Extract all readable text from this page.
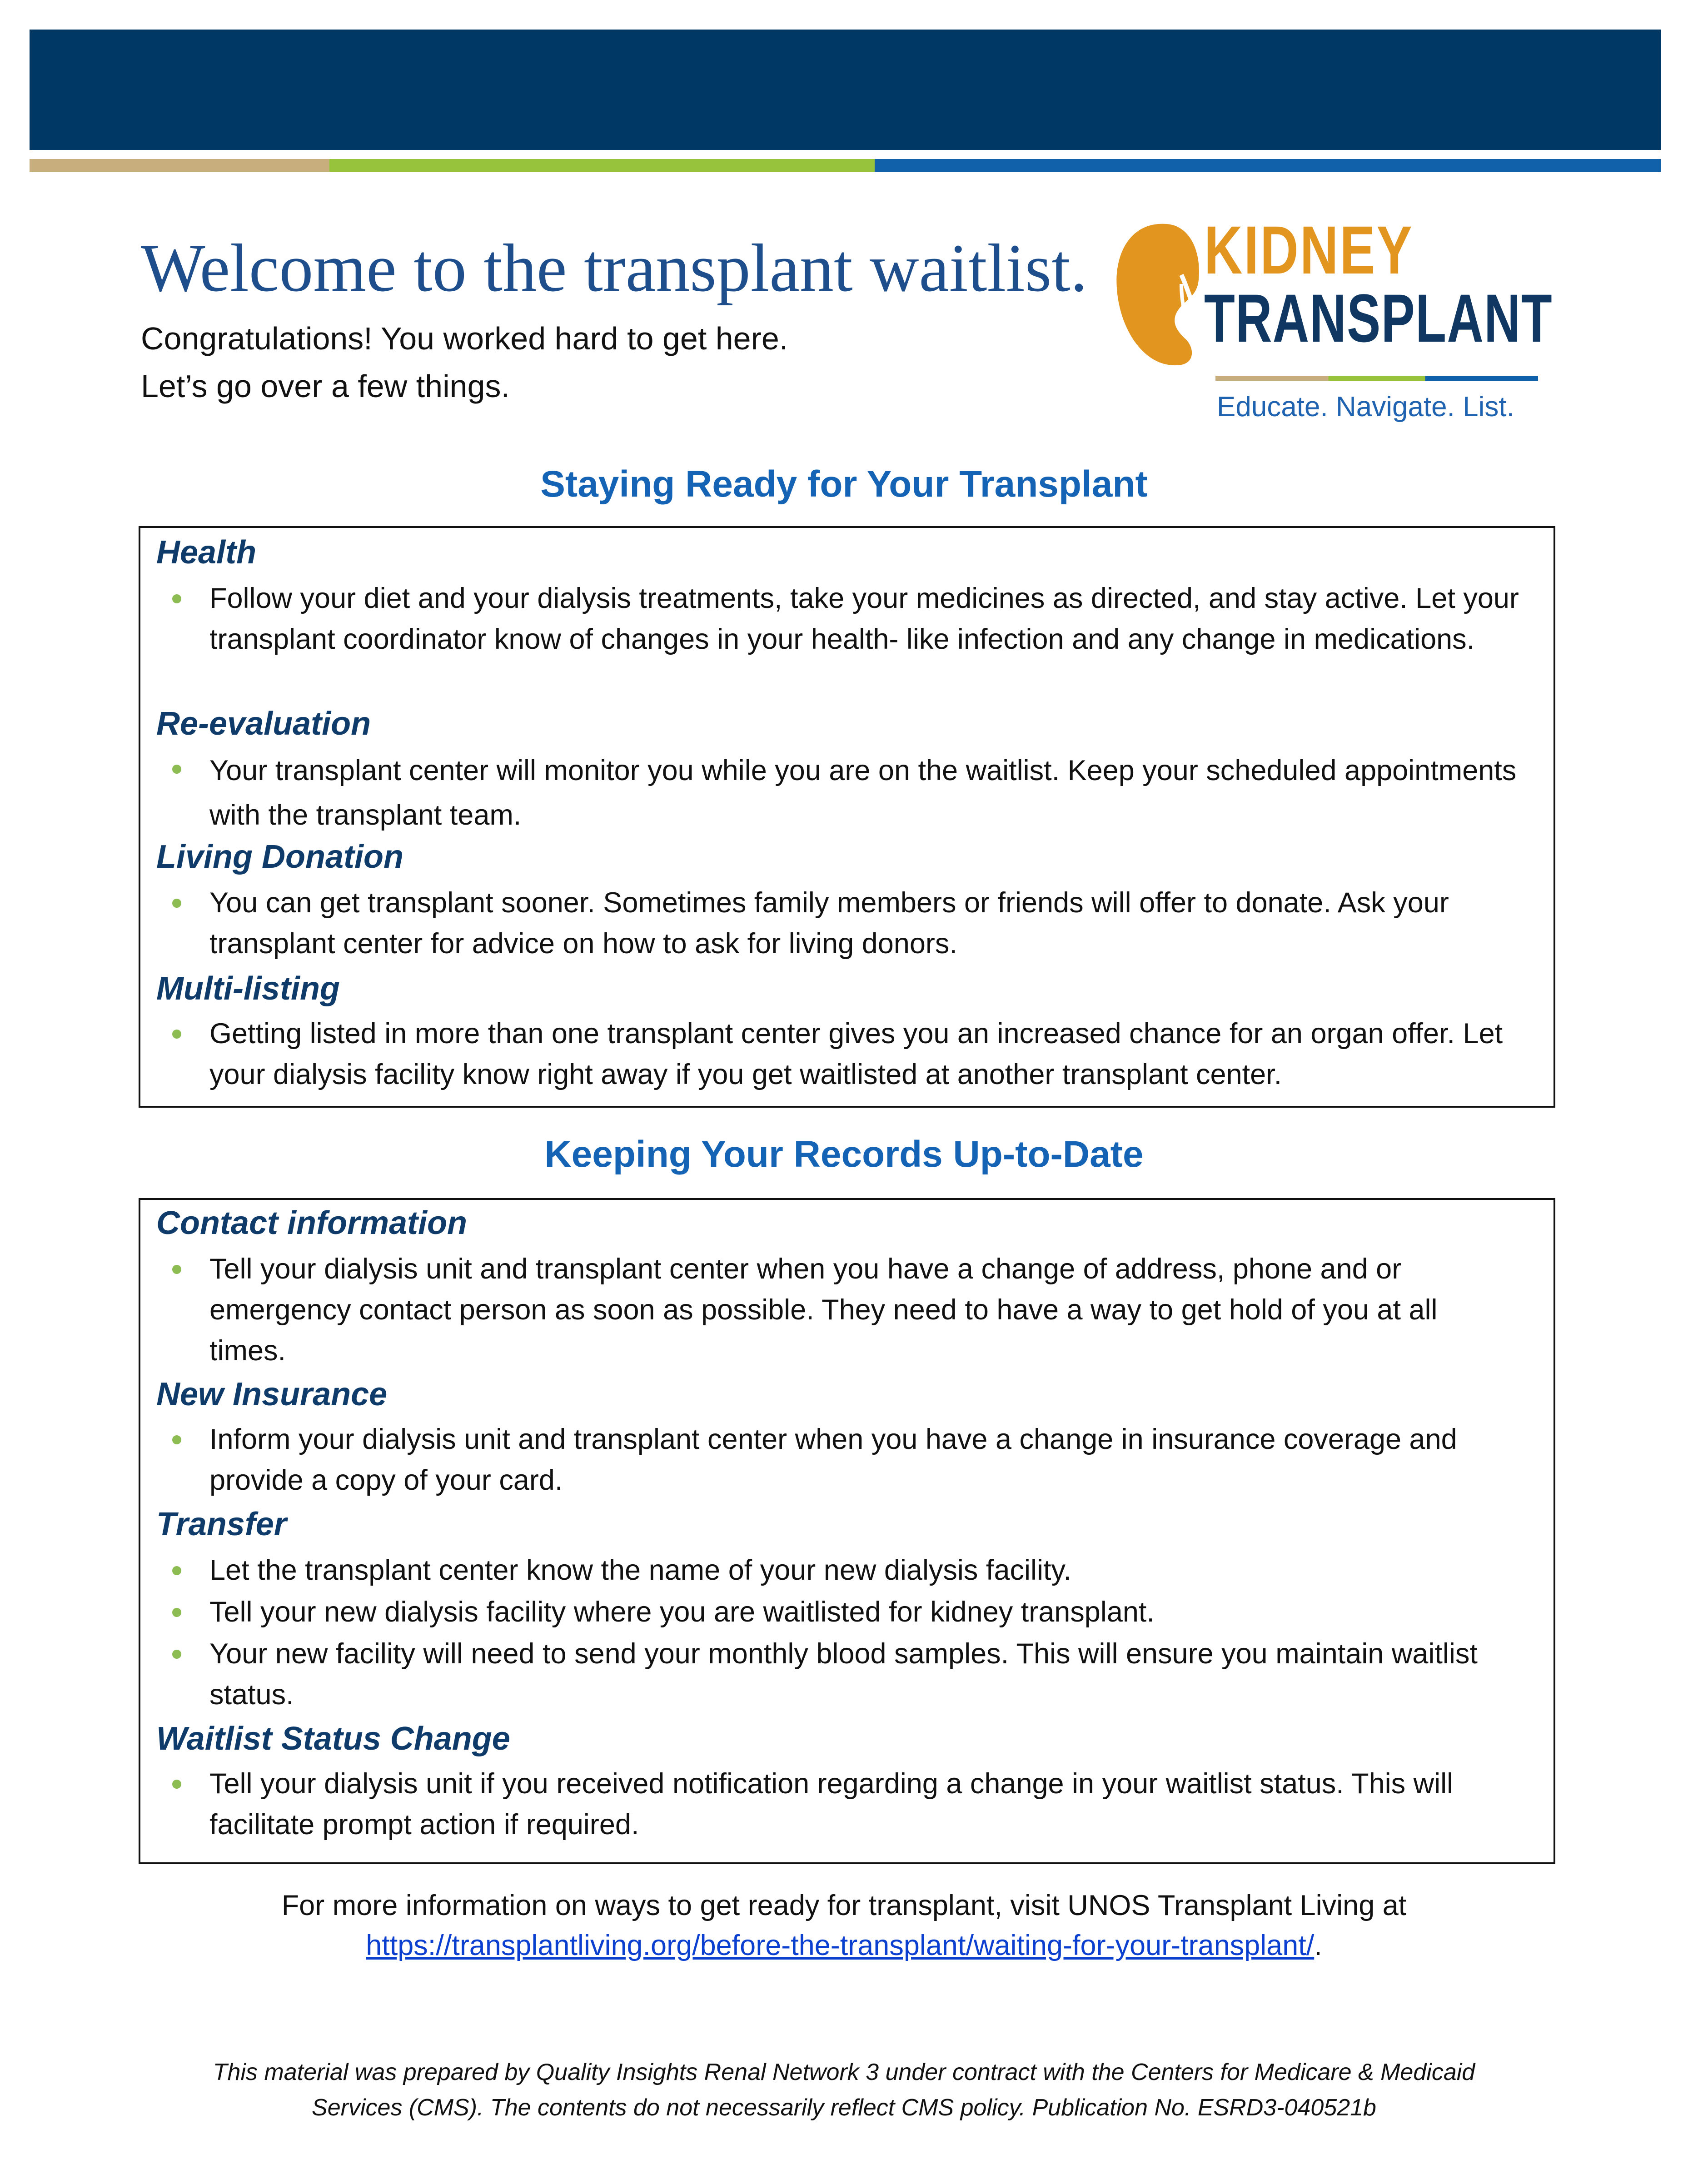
Welcome to the transplant waitlist.
Congratulations! You worked hard to get here.
Let’s go over a few things.
KIDNEY
TRANSPLANT
Educate. Navigate. List.
Staying Ready for Your Transplant
Health
Follow your diet and your dialysis treatments, take your medicines as directed, and stay active. Let your transplant coordinator know of changes in your health- like infection and any change in medications.
Re-evaluation
Your transplant center will monitor you while you are on the waitlist. Keep your scheduled appointments with the transplant team.
Living Donation
You can get transplant sooner. Sometimes family members or friends will offer to donate. Ask your transplant center for advice on how to ask for living donors.
Multi-listing
Getting listed in more than one transplant center gives you an increased chance for an organ offer. Let your dialysis facility know right away if you get waitlisted at another transplant center.
Keeping Your Records Up-to-Date
Contact information
Tell your dialysis unit and transplant center when you have a change of address, phone and or emergency contact person as soon as possible. They need to have a way to get hold of you at all times.
New Insurance
Inform your dialysis unit and transplant center when you have a change in insurance coverage and provide a copy of your card.
Transfer
Let the transplant center know the name of your new dialysis facility.
Tell your new dialysis facility where you are waitlisted for kidney transplant.
Your new facility will need to send your monthly blood samples. This will ensure you maintain waitlist status.
Waitlist Status Change
Tell your dialysis unit if you received notification regarding a change in your waitlist status. This will facilitate prompt action if required.
For more information on ways to get ready for transplant, visit UNOS Transplant Living at
https://transplantliving.org/before-the-transplant/waiting-for-your-transplant/.
This material was prepared by Quality Insights Renal Network 3 under contract with the Centers for Medicare & Medicaid
Services (CMS). The contents do not necessarily reflect CMS policy. Publication No. ESRD3-040521b
